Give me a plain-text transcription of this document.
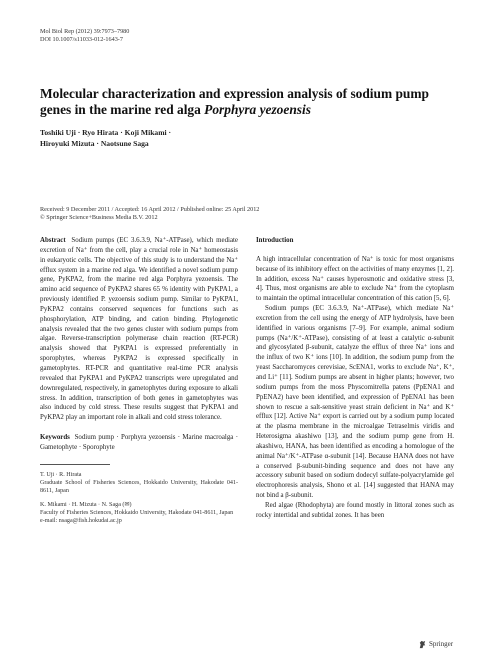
Mol Biol Rep (2012) 39:7973–7980
DOI 10.1007/s11033-012-1643-7
Molecular characterization and expression analysis of sodium pump genes in the marine red alga Porphyra yezoensis
Toshiki Uji · Ryo Hirata · Koji Mikami ·
Hiroyuki Mizuta · Naotsune Saga
Received: 9 December 2011 / Accepted: 16 April 2012 / Published online: 25 April 2012
© Springer Science+Business Media B.V. 2012

Abstract Sodium pumps (EC 3.6.3.9, Na⁺-ATPase), which mediate excretion of Na⁺ from the cell, play a crucial role in Na⁺ homeostasis in eukaryotic cells. The objective of this study is to understand the Na⁺ efflux system in a marine red alga. We identified a novel sodium pump gene, PyKPA2, from the marine red alga Porphyra yezoensis. The amino acid sequence of PyKPA2 shares 65 % identity with PyKPA1, a previously identified P. yezoensis sodium pump. Similar to PyKPA1, PyKPA2 contains conserved sequences for functions such as phosphorylation, ATP binding, and cation binding. Phylogenetic analysis revealed that the two genes cluster with sodium pumps from algae. Reverse-transcription polymerase chain reaction (RT-PCR) analysis showed that PyKPA1 is expressed preferentially in sporophytes, whereas PyKPA2 is expressed specifically in gametophytes. RT-PCR and quantitative real-time PCR analysis revealed that PyKPA1 and PyKPA2 transcripts were upregulated and downregulated, respectively, in gametophytes during exposure to alkali stress. In addition, transcription of both genes in gametophytes was also induced by cold stress. These results suggest that PyKPA1 and PyKPA2 play an important role in alkali and cold stress tolerance.

Keywords Sodium pump · Porphyra yezoensis · Marine macroalga · Gametophyte · Sporophyte

T. Uji · R. Hirata
Graduate School of Fisheries Sciences, Hokkaido University, Hakodate 041-8611, Japan

K. Mikami · H. Mizuta · N. Saga (✉)
Faculty of Fisheries Sciences, Hokkaido University, Hakodate 041-8611, Japan
e-mail: nsaga@fish.hokudai.ac.jp

Introduction

A high intracellular concentration of Na⁺ is toxic for most organisms because of its inhibitory effect on the activities of many enzymes [1, 2]. In addition, excess Na⁺ causes hyperosmotic and oxidative stress [3, 4]. Thus, most organisms are able to exclude Na⁺ from the cytoplasm to maintain the optimal intracellular concentration of this cation [5, 6].

Sodium pumps (EC 3.6.3.9, Na⁺-ATPase), which mediate Na⁺ excretion from the cell using the energy of ATP hydrolysis, have been identified in various organisms [7–9]. For example, animal sodium pumps (Na⁺/K⁺-ATPase), consisting of at least a catalytic α-subunit and glycosylated β-subunit, catalyze the efflux of three Na⁺ ions and the influx of two K⁺ ions [10]. In addition, the sodium pump from the yeast Saccharomyces cerevisiae, ScENA1, works to exclude Na⁺, K⁺, and Li⁺ [11]. Sodium pumps are absent in higher plants; however, two sodium pumps from the moss Physcomitrella patens (PpENA1 and PpENA2) have been identified, and expression of PpENA1 has been shown to rescue a salt-sensitive yeast strain deficient in Na⁺ and K⁺ efflux [12]. Active Na⁺ export is carried out by a sodium pump located at the plasma membrane in the microalgae Tetraselmis viridis and Heterosigma akashiwo [13], and the sodium pump gene from H. akashiwo, HANA, has been identified as encoding a homologue of the animal Na⁺/K⁺-ATPase α-subunit [14]. Because HANA does not have a conserved β-subunit-binding sequence and does not have any accessory subunit based on sodium dodecyl sulfate-polyacrylamide gel electrophoresis analysis, Shono et al. [14] suggested that HANA may not bind a β-subunit.

Red algae (Rhodophyta) are found mostly in littoral zones such as rocky intertidal and subtidal zones. It has been

Springer
